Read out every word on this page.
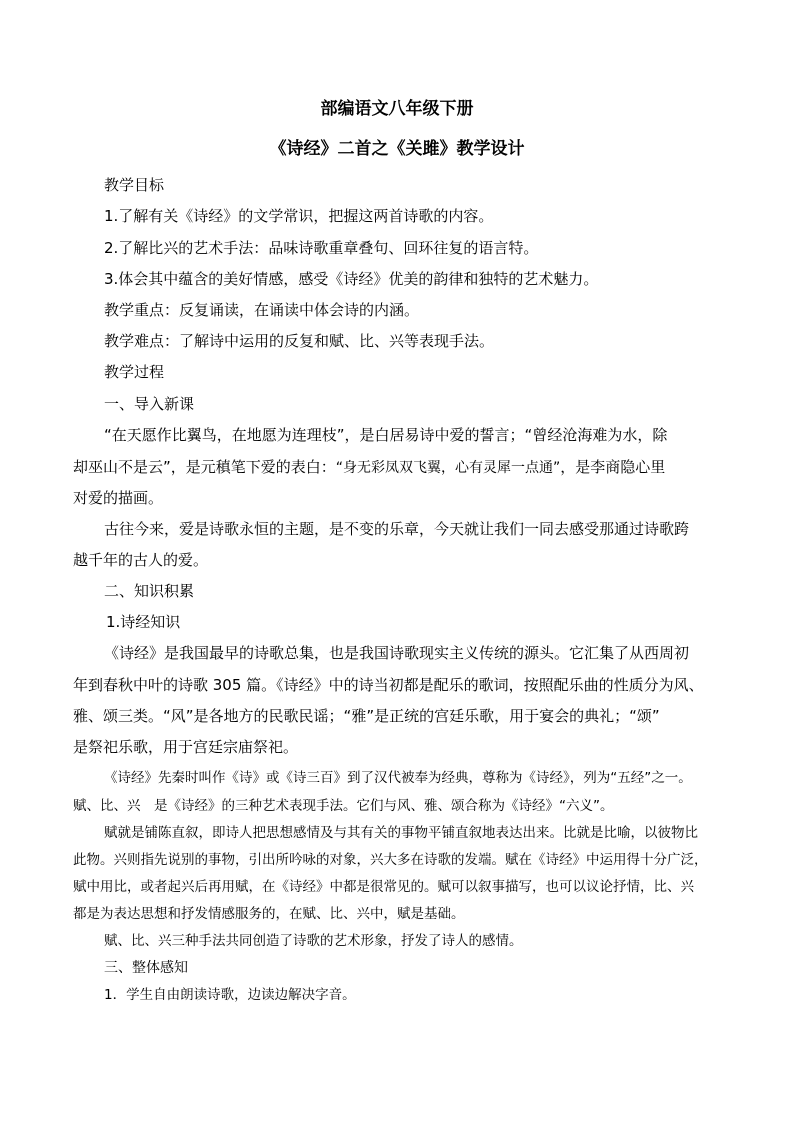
部编语文八年级下册
《诗经》二首之《关雎》教学设计
教学目标
1.了解有关《诗经》的文学常识，把握这两首诗歌的内容。
2.了解比兴的艺术手法：品味诗歌重章叠句、回环往复的语言特。
3.体会其中蕴含的美好情感，感受《诗经》优美的韵律和独特的艺术魅力。
教学重点：反复诵读，在诵读中体会诗的内涵。
教学难点：了解诗中运用的反复和赋、比、兴等表现手法。
教学过程
一、导入新课
“在天愿作比翼鸟，在地愿为连理枝”，是白居易诗中爱的誓言；“曾经沧海难为水，除
却巫山不是云”，是元稹笔下爱的表白：“身无彩凤双飞翼，心有灵犀一点通”，是李商隐心里
对爱的描画。
古往今来，爱是诗歌永恒的主题，是不变的乐章，今天就让我们一同去感受那通过诗歌跨
越千年的古人的爱。
二、知识积累
1.诗经知识
《诗经》是我国最早的诗歌总集，也是我国诗歌现实主义传统的源头。它汇集了从西周初
年到春秋中叶的诗歌 305 篇。《诗经》中的诗当初都是配乐的歌词，按照配乐曲的性质分为风、
雅、颂三类。“风”是各地方的民歌民谣；“雅”是正统的宫廷乐歌，用于宴会的典礼；“颂”
是祭祀乐歌，用于宫廷宗庙祭祀。
《诗经》先秦时叫作《诗》或《诗三百》到了汉代被奉为经典，尊称为《诗经》，列为“五经”之一。
赋、比、兴　是《诗经》的三种艺术表现手法。它们与风、雅、颂合称为《诗经》“六义”。
赋就是铺陈直叙，即诗人把思想感情及与其有关的事物平铺直叙地表达出来。比就是比喻，以彼物比
此物。兴则指先说别的事物，引出所吟咏的对象，兴大多在诗歌的发端。赋在《诗经》中运用得十分广泛，
赋中用比，或者起兴后再用赋，在《诗经》中都是很常见的。赋可以叙事描写，也可以议论抒情，比、兴
都是为表达思想和抒发情感服务的，在赋、比、兴中，赋是基础。
赋、比、兴三种手法共同创造了诗歌的艺术形象，抒发了诗人的感情。
三、整体感知
1．学生自由朗读诗歌，边读边解决字音。
